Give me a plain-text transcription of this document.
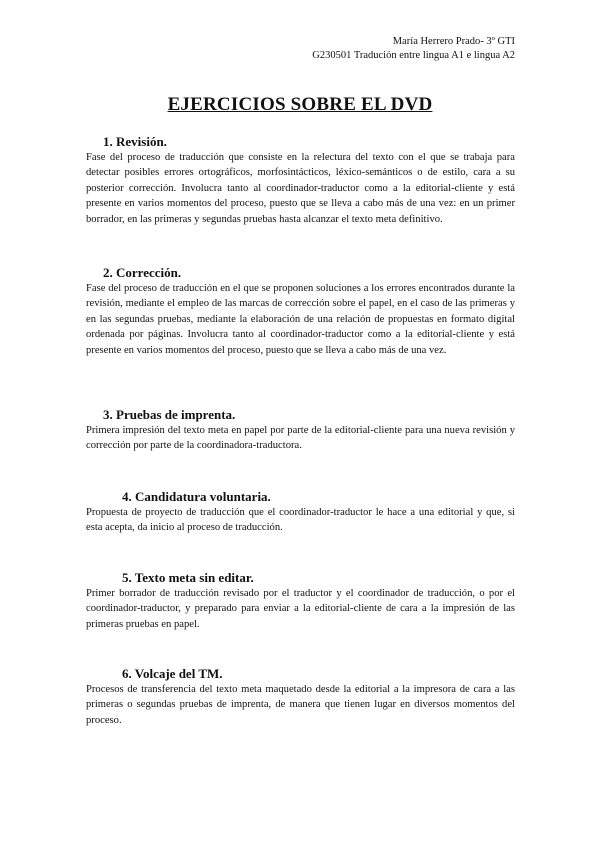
María Herrero Prado- 3º GTI
G230501 Tradución entre lingua A1 e lingua A2
EJERCICIOS SOBRE EL DVD

1. Revisión.

Fase del proceso de traducción que consiste en la relectura del texto con el que se trabaja para detectar posibles errores ortográficos, morfosintácticos, léxico-semánticos o de estilo, cara a su posterior corrección. Involucra tanto al coordinador-traductor como a la editorial-cliente y está presente en varios momentos del proceso, puesto que se lleva a cabo más de una vez: en un primer borrador, en las primeras y segundas pruebas hasta alcanzar el texto meta definitivo.

2. Corrección.

Fase del proceso de traducción en el que se proponen soluciones a los errores encontrados durante la revisión, mediante el empleo de las marcas de corrección sobre el papel, en el caso de las primeras y en las segundas pruebas, mediante la elaboración de una relación de propuestas en formato digital ordenada por páginas. Involucra tanto al coordinador-traductor como a la editorial-cliente y está presente en varios momentos del proceso, puesto que se lleva a cabo más de una vez.

3. Pruebas de imprenta.

Primera impresión del texto meta en papel por parte de la editorial-cliente para una nueva revisión y corrección por parte de la coordinadora-traductora.

4. Candidatura voluntaria.

Propuesta de proyecto de traducción que el coordinador-traductor le hace a una editorial y que, si esta acepta, da inicio al proceso de traducción.

5. Texto meta sin editar.

Primer borrador de traducción revisado por el traductor y el coordinador de traducción, o por el coordinador-traductor, y preparado para enviar a la editorial-cliente de cara a la impresión de las primeras pruebas en papel.

6. Volcaje del TM.

Procesos de transferencia del texto meta maquetado desde la editorial a la impresora de cara a las primeras o segundas pruebas de imprenta, de manera que tienen lugar en diversos momentos del proceso.
